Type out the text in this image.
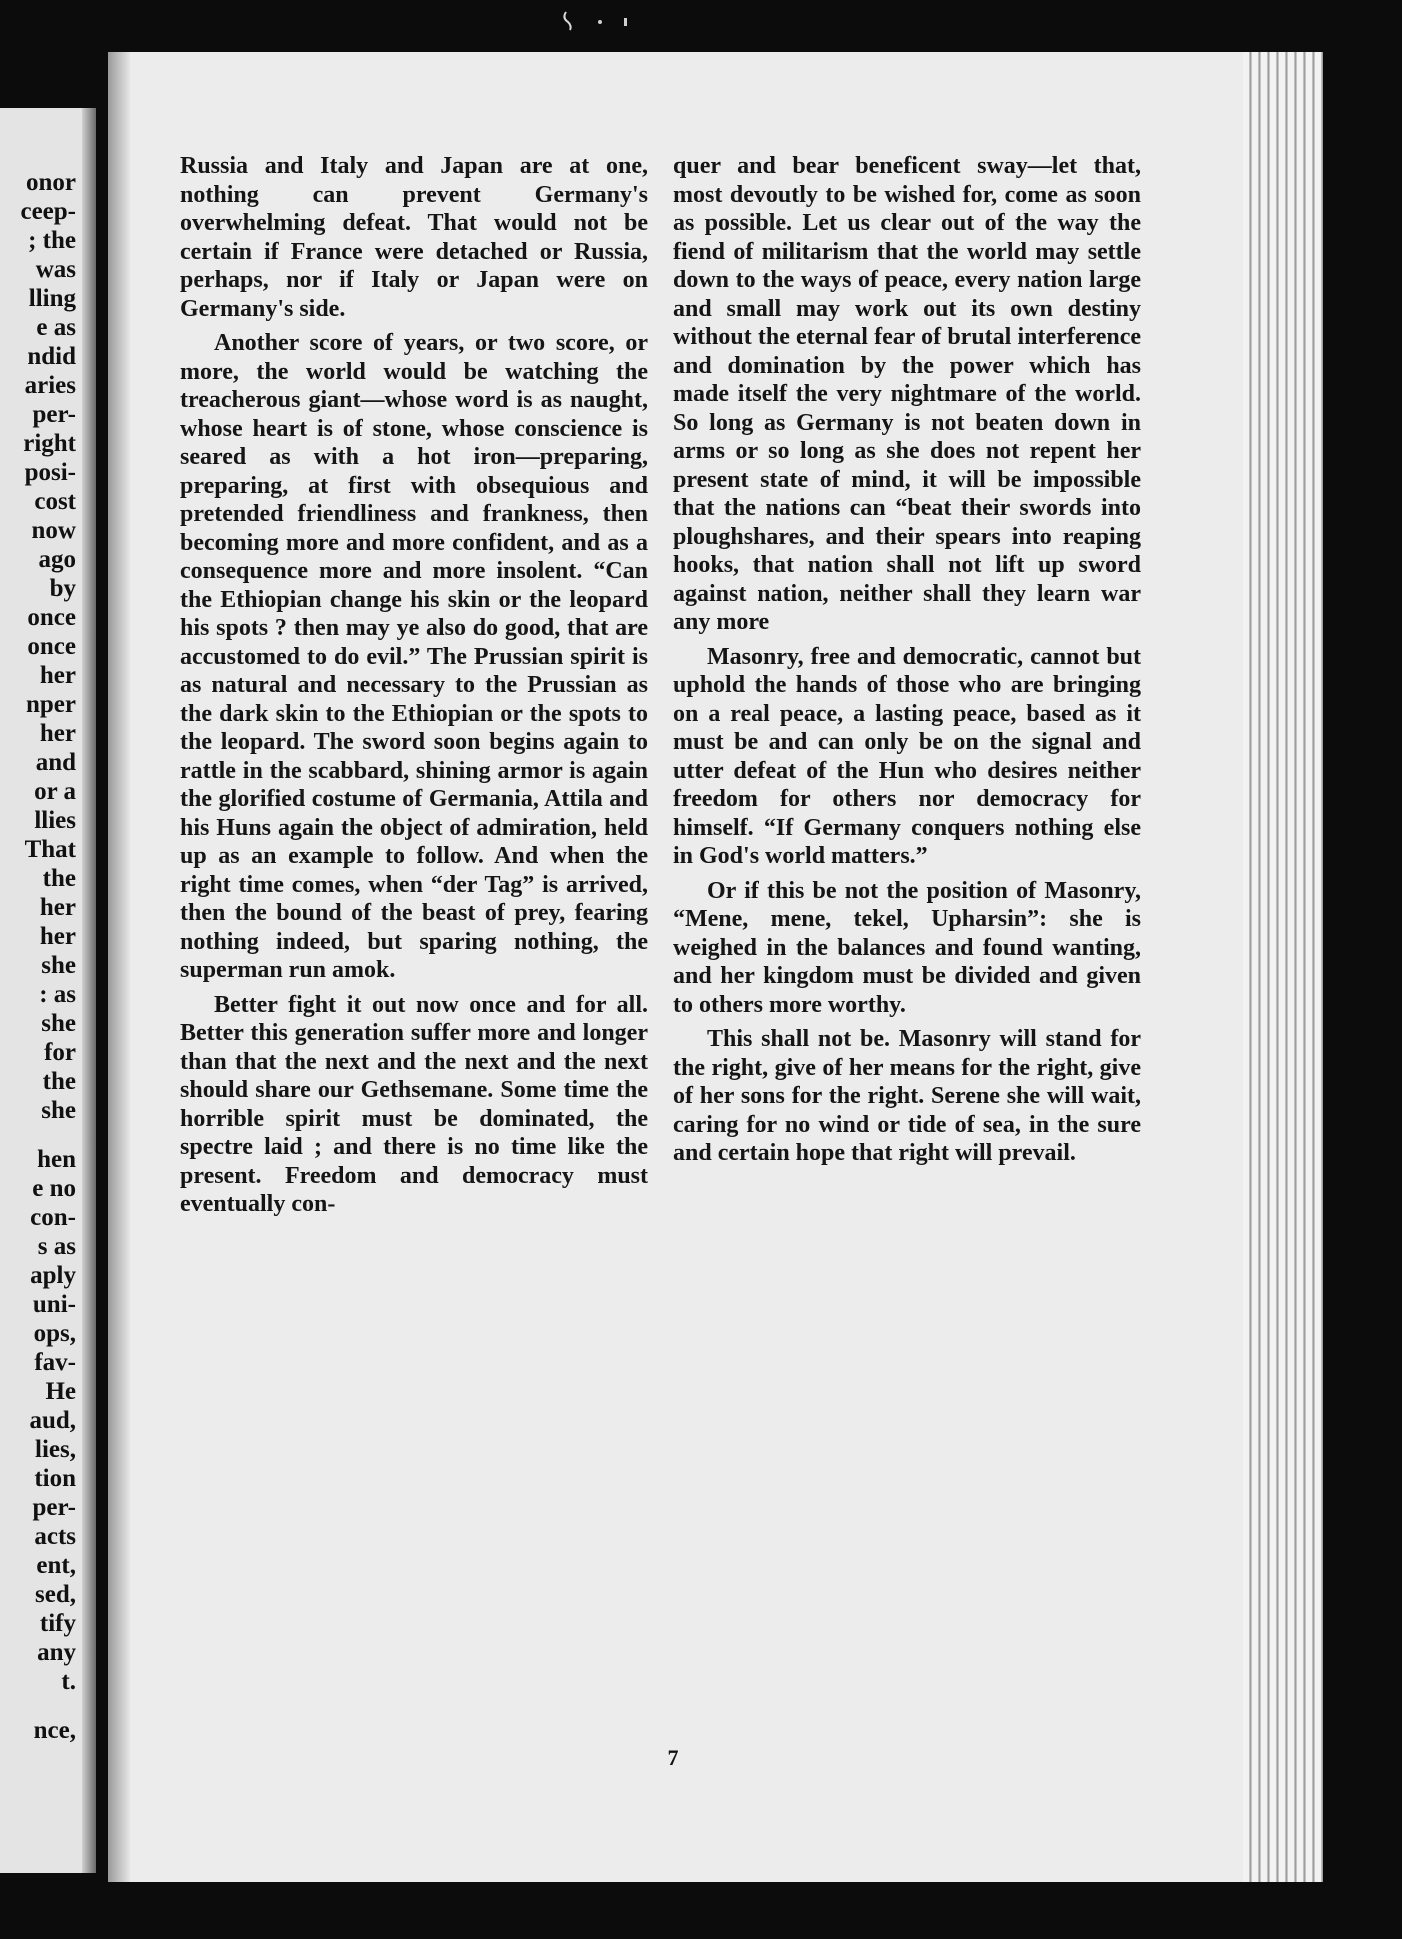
onor
ceep-
; the
was
lling
e as
ndid
aries
per-
right
posi-
cost
now
ago
by
once
once
her
nper
her
and
or a
llies
That
the
her
her
she
: as
she
for
the
she
hen
e no
con-
s as
aply
uni-
ops,
fav-
He
aud,
lies,
tion
per-
acts
ent,
sed,
tify
any
t.
nce,

Russia and Italy and Japan are at one, nothing can prevent Germany's overwhelming defeat. That would not be certain if France were detached or Russia, perhaps, nor if Italy or Japan were on Germany's side.

Another score of years, or two score, or more, the world would be watching the treacherous giant—whose word is as naught, whose heart is of stone, whose conscience is seared as with a hot iron—preparing, preparing, at first with obsequious and pretended friendliness and frankness, then becoming more and more confident, and as a consequence more and more insolent. “Can the Ethiopian change his skin or the leopard his spots ? then may ye also do good, that are accustomed to do evil.” The Prussian spirit is as natural and necessary to the Prussian as the dark skin to the Ethiopian or the spots to the leopard. The sword soon begins again to rattle in the scabbard, shining armor is again the glorified costume of Germania, Attila and his Huns again the object of admiration, held up as an example to follow. And when the right time comes, when “der Tag” is arrived, then the bound of the beast of prey, fearing nothing indeed, but sparing nothing, the superman run amok.

Better fight it out now once and for all. Better this generation suffer more and longer than that the next and the next and the next should share our Gethsemane. Some time the horrible spirit must be dominated, the spectre laid ; and there is no time like the present. Freedom and democracy must eventually con-

quer and bear beneficent sway—let that, most devoutly to be wished for, come as soon as possible. Let us clear out of the way the fiend of militarism that the world may settle down to the ways of peace, every nation large and small may work out its own destiny without the eternal fear of brutal interference and domination by the power which has made itself the very nightmare of the world. So long as Germany is not beaten down in arms or so long as she does not repent her present state of mind, it will be impossible that the nations can “beat their swords into ploughshares, and their spears into reaping hooks, that nation shall not lift up sword against nation, neither shall they learn war any more

Masonry, free and democratic, cannot but uphold the hands of those who are bringing on a real peace, a lasting peace, based as it must be and can only be on the signal and utter defeat of the Hun who desires neither freedom for others nor democracy for himself. “If Germany conquers nothing else in God's world matters.”

Or if this be not the position of Masonry, “Mene, mene, tekel, Upharsin”: she is weighed in the balances and found wanting, and her kingdom must be divided and given to others more worthy.

This shall not be. Masonry will stand for the right, give of her means for the right, give of her sons for the right. Serene she will wait, caring for no wind or tide of sea, in the sure and certain hope that right will prevail.

7
